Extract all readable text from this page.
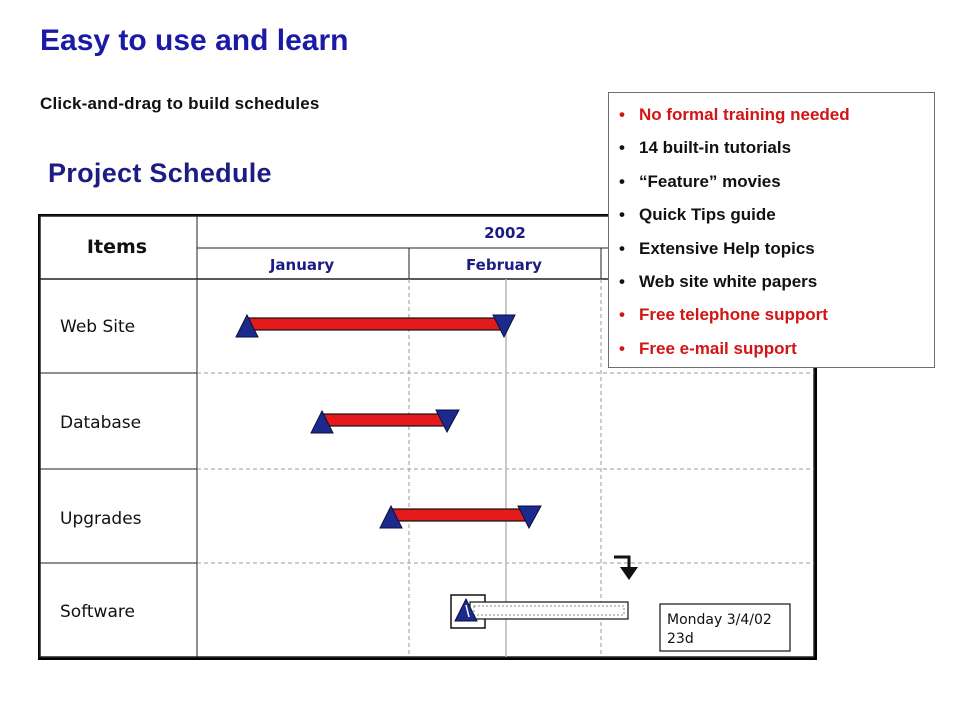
Easy to use and learn
Click-and-drag to build schedules
Project Schedule
Items
2002
January	February
Web Site
Database
Upgrades
Software	Monday 3/4/02
23d
• No formal training needed
• 14 built-in tutorials
• “Feature” movies
• Quick Tips guide
• Extensive Help topics
• Web site white papers
• Free telephone support
• Free e-mail support
